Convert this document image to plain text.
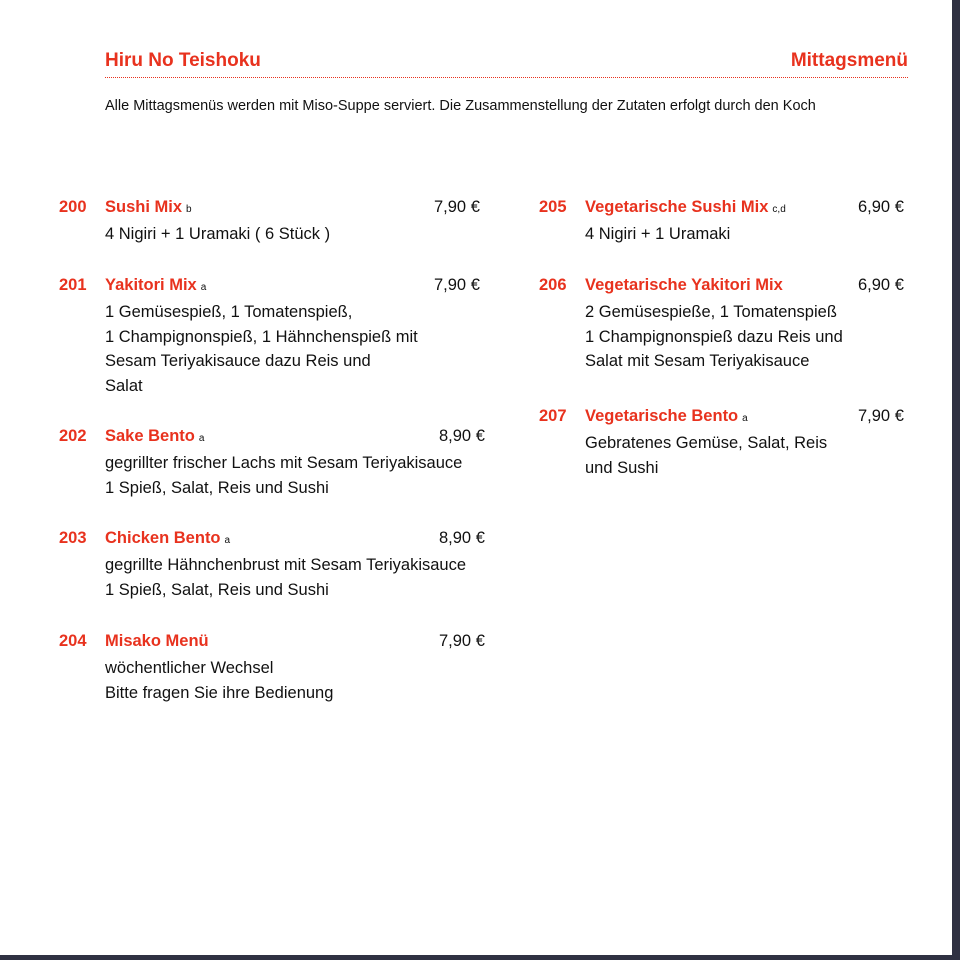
Hiru No Teishoku	Mittagsmenü
Alle Mittagsmenüs werden mit Miso-Suppe serviert. Die Zusammenstellung der Zutaten erfolgt durch den Koch
200 Sushi Mix b	7,90 €
4 Nigiri + 1 Uramaki ( 6 Stück )
201 Yakitori Mix a	7,90 €
1 Gemüsespieß, 1 Tomatenspieß,
1 Champignonspieß, 1 Hähnchenspieß mit
Sesam Teriyakisauce dazu Reis und
Salat
202 Sake Bento a	8,90 €
gegrillter frischer Lachs mit Sesam Teriyakisauce
1 Spieß, Salat, Reis und Sushi
203 Chicken Bento a	8,90 €
gegrillte Hähnchenbrust mit Sesam Teriyakisauce
1 Spieß, Salat, Reis und Sushi
204 Misako Menü	7,90 €
wöchentlicher Wechsel
Bitte fragen Sie ihre Bedienung
205 Vegetarische Sushi Mix c,d	6,90 €
4 Nigiri + 1 Uramaki
206 Vegetarische Yakitori Mix	6,90 €
2 Gemüsespieße, 1 Tomatenspieß
1 Champignonspieß dazu Reis und
Salat mit Sesam Teriyakisauce
207 Vegetarische Bento a	7,90 €
Gebratenes Gemüse, Salat, Reis
und Sushi
